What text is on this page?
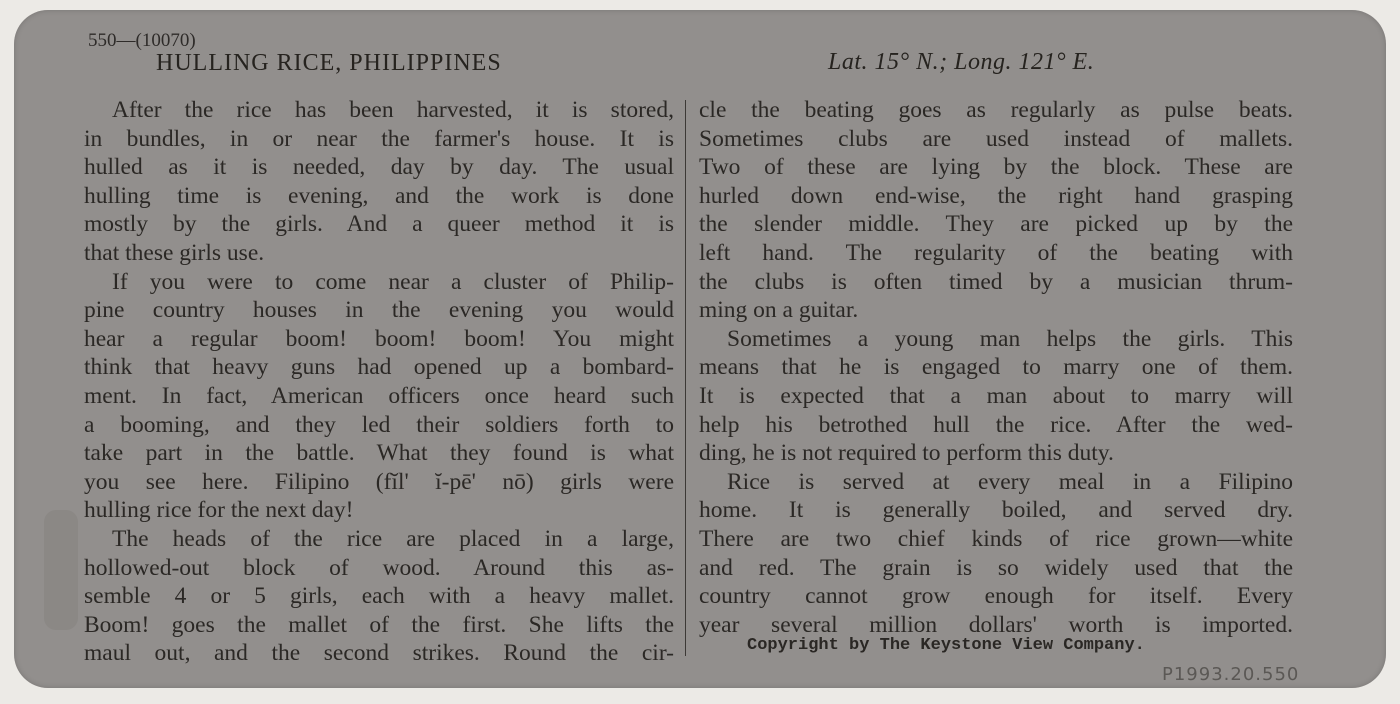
550—(10070)
HULLING RICE, PHILIPPINES	Lat. 15° N.; Long. 121° E.
After the rice has been harvested, it is stored,
in bundles, in or near the farmer's house. It is
hulled as it is needed, day by day. The usual
hulling time is evening, and the work is done
mostly by the girls. And a queer method it is
that these girls use.
If you were to come near a cluster of Philip-
pine country houses in the evening you would
hear a regular boom! boom! boom! You might
think that heavy guns had opened up a bombard-
ment. In fact, American officers once heard such
a booming, and they led their soldiers forth to
take part in the battle. What they found is what
you see here. Filipino (fĭl' ĭ-pē' nō) girls were
hulling rice for the next day!
The heads of the rice are placed in a large,
hollowed-out block of wood. Around this as-
semble 4 or 5 girls, each with a heavy mallet.
Boom! goes the mallet of the first. She lifts the
maul out, and the second strikes. Round the cir-
cle the beating goes as regularly as pulse beats.
Sometimes clubs are used instead of mallets.
Two of these are lying by the block. These are
hurled down end-wise, the right hand grasping
the slender middle. They are picked up by the
left hand. The regularity of the beating with
the clubs is often timed by a musician thrum-
ming on a guitar.
Sometimes a young man helps the girls. This
means that he is engaged to marry one of them.
It is expected that a man about to marry will
help his betrothed hull the rice. After the wed-
ding, he is not required to perform this duty.
Rice is served at every meal in a Filipino
home. It is generally boiled, and served dry.
There are two chief kinds of rice grown—white
and red. The grain is so widely used that the
country cannot grow enough for itself. Every
year several million dollars' worth is imported.
Copyright by The Keystone View Company.
P1993.20.550
